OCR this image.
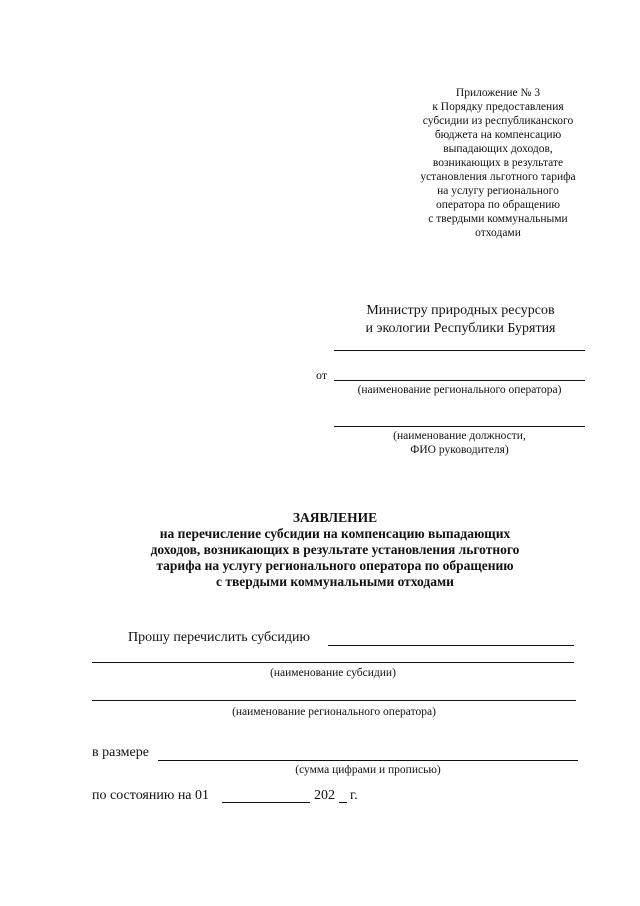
Приложение № 3
к Порядку предоставления
субсидии из республиканского
бюджета на компенсацию
выпадающих доходов,
возникающих в результате
установления льготного тарифа
на услугу регионального
оператора по обращению
с твердыми коммунальными
отходами
Министру природных ресурсов
и экологии Республики Бурятия
от
(наименование регионального оператора)
(наименование должности,
ФИО руководителя)
ЗАЯВЛЕНИЕ
на перечисление субсидии на компенсацию выпадающих
доходов, возникающих в результате установления льготного
тарифа на услугу регионального оператора по обращению
с твердыми коммунальными отходами
Прошу перечислить субсидию
(наименование субсидии)
(наименование регионального оператора)
в размере
(сумма цифрами и прописью)
по состоянию на 01	202 г.
